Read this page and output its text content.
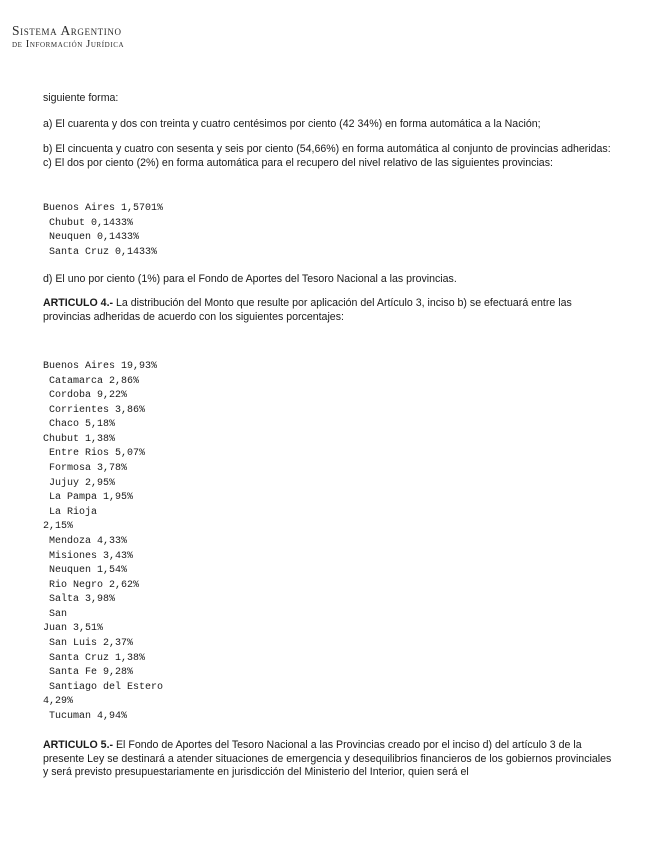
Sistema Argentino
de Información Jurídica

siguiente forma:

a) El cuarenta y dos con treinta y cuatro centésimos por ciento (42 34%) en forma automática a la Nación;

b) El cincuenta y cuatro con sesenta y seis por ciento (54,66%) en forma automática al conjunto de provincias adheridas: c) El dos por ciento (2%) en forma automática para el recupero del nivel relativo de las siguientes provincias:

Buenos Aires 1,5701%
Chubut 0,1433%
Neuquen 0,1433%
Santa Cruz 0,1433%

d) El uno por ciento (1%) para el Fondo de Aportes del Tesoro Nacional a las provincias.

ARTICULO 4.- La distribución del Monto que resulte por aplicación del Artículo 3, inciso b) se efectuará entre las provincias adheridas de acuerdo con los siguientes porcentajes:

Buenos Aires 19,93%
Catamarca 2,86%
Cordoba 9,22%
Corrientes 3,86%
Chaco 5,18%
Chubut 1,38%
Entre Rios 5,07%
Formosa 3,78%
Jujuy 2,95%
La Pampa 1,95%
La Rioja
2,15%
Mendoza 4,33%
Misiones 3,43%
Neuquen 1,54%
Rio Negro 2,62%
Salta 3,98%
San
Juan 3,51%
San Luis 2,37%
Santa Cruz 1,38%
Santa Fe 9,28%
Santiago del Estero
4,29%
Tucuman 4,94%

ARTICULO 5.- El Fondo de Aportes del Tesoro Nacional a las Provincias creado por el inciso d) del artículo 3 de la presente Ley se destinará a atender situaciones de emergencia y desequilibrios financieros de los gobiernos provinciales y será previsto presupuestariamente en jurisdicción del Ministerio del Interior, quien será el
